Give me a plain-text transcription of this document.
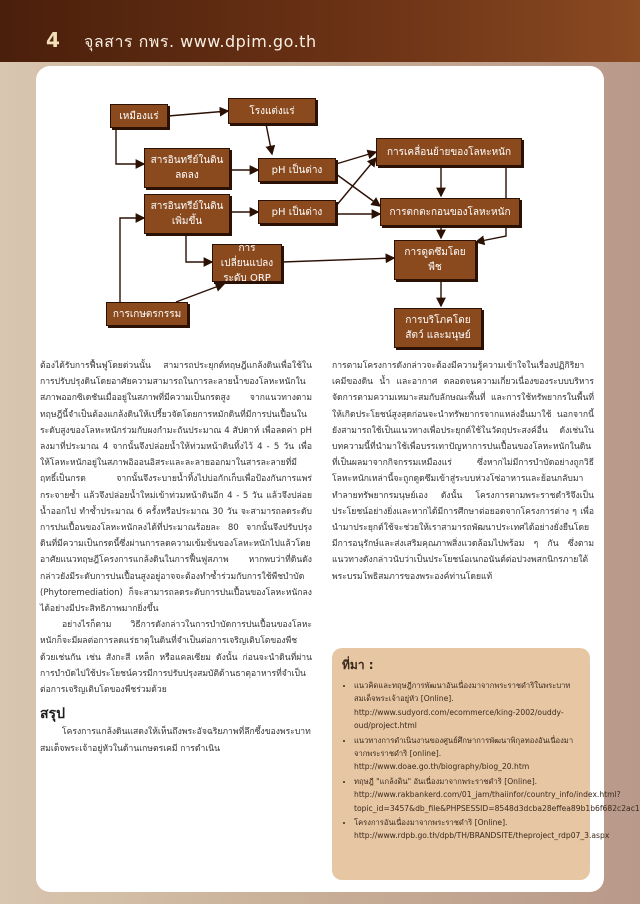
4 จุลสาร กพร. www.dpim.go.th
เหมืองแร่	โรงแต่งแร่
สารอินทรีย์ในดิน ลดลง
สารอินทรีย์ในดิน เพิ่มขึ้น
pH เป็นด่าง
pH เป็นด่าง
การเปลี่ยนแปลง ระดับ ORP
การเกษตรกรรม
การเคลื่อนย้ายของโลหะหนัก
การตกตะกอนของโลหะหนัก
การดูดซึมโดยพืช
การบริโภคโดยสัตว์ และมนุษย์

ต้องได้รับการฟื้นฟูโดยด่วนนั้น สามารถประยุกต์ทฤษฎีแกล้งดินเพื่อใช้ในการปรับปรุงดินโดยอาศัยความสามารถในการละลายน้ำของโลหะหนักในสภาพออกซิเดชันเมื่ออยู่ในสภาพที่มีความเป็นกรดสูง จากแนวทางตามทฤษฎีนี้จำเป็นต้องแกล้งดินให้เปรี้ยวจัดโดยการหมักดินที่มีการปนเปื้อนในระดับสูงของโลหะหนักร่วมกับผงกำมะถันประมาณ 4 สัปดาห์ เพื่อลดค่า pH ลงมาที่ประมาณ 4 จากนั้นจึงปล่อยน้ำให้ท่วมหน้าดินทิ้งไว้ 4 - 5 วัน เพื่อให้โลหะหนักอยู่ในสภาพอิออนอิสระและละลายออกมาในสารละลายที่มีฤทธิ์เป็นกรด จากนั้นจึงระบายน้ำทิ้งไปบ่อกักเก็บเพื่อป้องกันการแพร่กระจายซ้ำ แล้วจึงปล่อยน้ำใหม่เข้าท่วมหน้าดินอีก 4 - 5 วัน แล้วจึงปล่อยน้ำออกไป ทำซ้ำประมาณ 6 ครั้งหรือประมาณ 30 วัน จะสามารถลดระดับการปนเปื้อนของโลหะหนักลงได้ที่ประมาณร้อยละ 80 จากนั้นจึงปรับปรุงดินที่มีความเป็นกรดนี้ซึ่งผ่านการลดความเข้มข้นของโลหะหนักไปแล้วโดยอาศัยแนวทฤษฎีโครงการแกล้งดินในการฟื้นฟูสภาพ หากพบว่าที่ดินดังกล่าวยังมีระดับการปนเปื้อนสูงอยู่อาจจะต้องทำซ้ำร่วมกับการใช้พืชบำบัด (Phytoremediation) ก็จะสามารถลดระดับการปนเปื้อนของโลหะหนักลงได้อย่างมีประสิทธิภาพมากยิ่งขึ้น

อย่างไรก็ตาม วิธีการดังกล่าวในการบำบัดการปนเปื้อนของโลหะหนักก็จะมีผลต่อการลดแร่ธาตุในดินที่จำเป็นต่อการเจริญเติบโตของพืชด้วยเช่นกัน เช่น สังกะสี เหล็ก หรือแคลเซียม ดังนั้น ก่อนจะนำดินที่ผ่านการบำบัดไปใช้ประโยชน์ควรมีการปรับปรุงสมบัติด้านธาตุอาหารที่จำเป็นต่อการเจริญเติบโตของพืชร่วมด้วย

สรุป

โครงการแกล้งดินแสดงให้เห็นถึงพระอัจฉริยภาพที่ลึกซึ้งของพระบาทสมเด็จพระเจ้าอยู่หัวในด้านเกษตรเคมี การดำเนิน

การตามโครงการดังกล่าวจะต้องมีความรู้ความเข้าใจในเรื่องปฏิกิริยาเคมีของดิน น้ำ และอากาศ ตลอดจนความเกี่ยวเนื่องของระบบบริหารจัดการตามความเหมาะสมกับลักษณะพื้นที่ และการใช้ทรัพยากรในพื้นที่ให้เกิดประโยชน์สูงสุดก่อนจะนำทรัพยากรจากแหล่งอื่นมาใช้ นอกจากนี้ ยังสามารถใช้เป็นแนวทางเพื่อประยุกต์ใช้ในวัตถุประสงค์อื่น ดังเช่นในบทความนี้ที่นำมาใช้เพื่อบรรเทาปัญหาการปนเปื้อนของโลหะหนักในดินที่เป็นผลมาจากกิจกรรมเหมืองแร่ ซึ่งหากไม่มีการบำบัดอย่างถูกวิธี โลหะหนักเหล่านี้จะถูกดูดซึมเข้าสู่ระบบห่วงโซ่อาหารและย้อนกลับมาทำลายทรัพยากรมนุษย์เอง ดังนั้น โครงการตามพระราชดำริจึงเป็นประโยชน์อย่างยิ่งและหากได้มีการศึกษาต่อยอดจากโครงการต่าง ๆ เพื่อนำมาประยุกต์ใช้จะช่วยให้เราสามารถพัฒนาประเทศได้อย่างยั่งยืนโดยมีการอนุรักษ์และส่งเสริมคุณภาพสิ่งแวดล้อมไปพร้อม ๆ กัน ซึ่งตามแนวทางดังกล่าวนับว่าเป็นประโยชน์อเนกอนันต์ต่อปวงพสกนิกรภายใต้พระบรมโพธิสมภารของพระองค์ท่านโดยแท้

ที่มา :
• แนวคิดและทฤษฎีการพัฒนาอันเนื่องมาจากพระราชดำริในพระบาทสมเด็จพระเจ้าอยู่หัว [Online]. http://www.sudyord.com/ecommerce/king-2002/ouddy-oud/project.html
• แนวทางการดำเนินงานของศูนย์ศึกษาการพัฒนาพิกุลทองอันเนื่องมาจากพระราชดำริ [online]. http://www.doae.go.th/biography/biog_20.htm
• ทฤษฎี "แกล้งดิน" อันเนื่องมาจากพระราชดำริ [Online]. http://www.rakbankerd.com/01_jam/thaiinfor/country_info/index.html?topic_id=3457&db_file&PHPSESSID=8548d3dcba28effea89b1b6f682c2ac1
• โครงการอันเนื่องมาจากพระราชดำริ [Online]. http://www.rdpb.go.th/dpb/TH/BRANDSITE/theproject_rdp07_3.aspx
